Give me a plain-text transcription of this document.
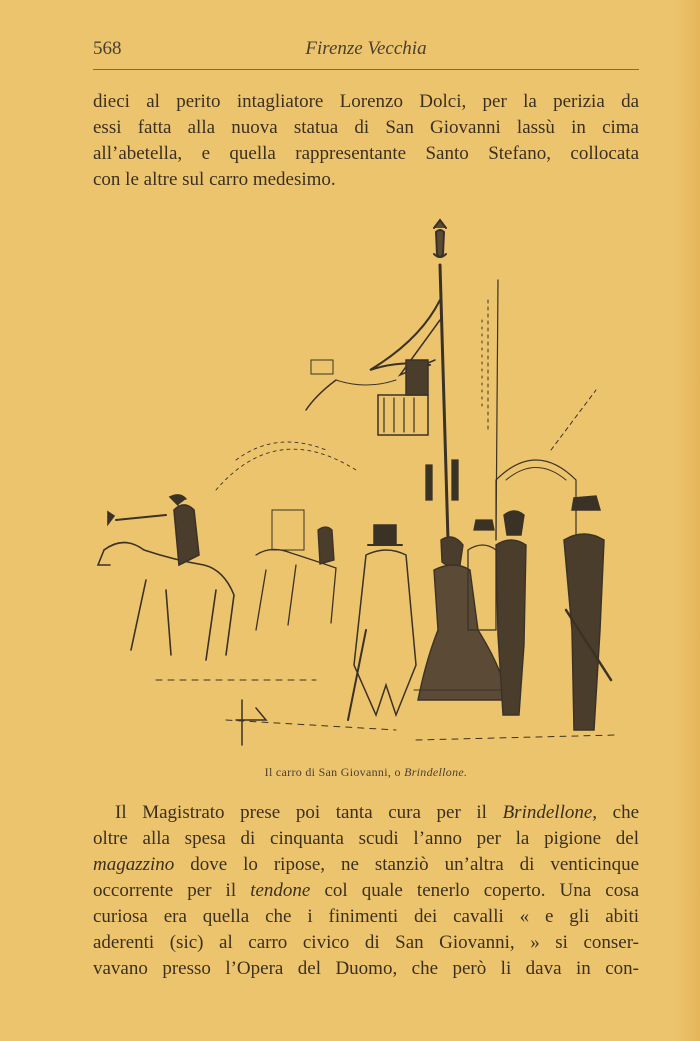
568	Firenze Vecchia
dieci al perito intagliatore Lorenzo Dolci, per la perizia da
essi fatta alla nuova statua di San Giovanni lassù in cima
all’abetella, e quella rappresentante Santo Stefano, collocata
con le altre sul carro medesimo.
Il carro di San Giovanni, o Brindellone.
Il Magistrato prese poi tanta cura per il Brindellone, che
oltre alla spesa di cinquanta scudi l’anno per la pigione del
magazzino dove lo ripose, ne stanziò un’altra di venticinque
occorrente per il tendone col quale tenerlo coperto. Una cosa
curiosa era quella che i finimenti dei cavalli « e gli abiti
aderenti (sic) al carro civico di San Giovanni, » si conser-
vavano presso l’Opera del Duomo, che però li dava in con-
